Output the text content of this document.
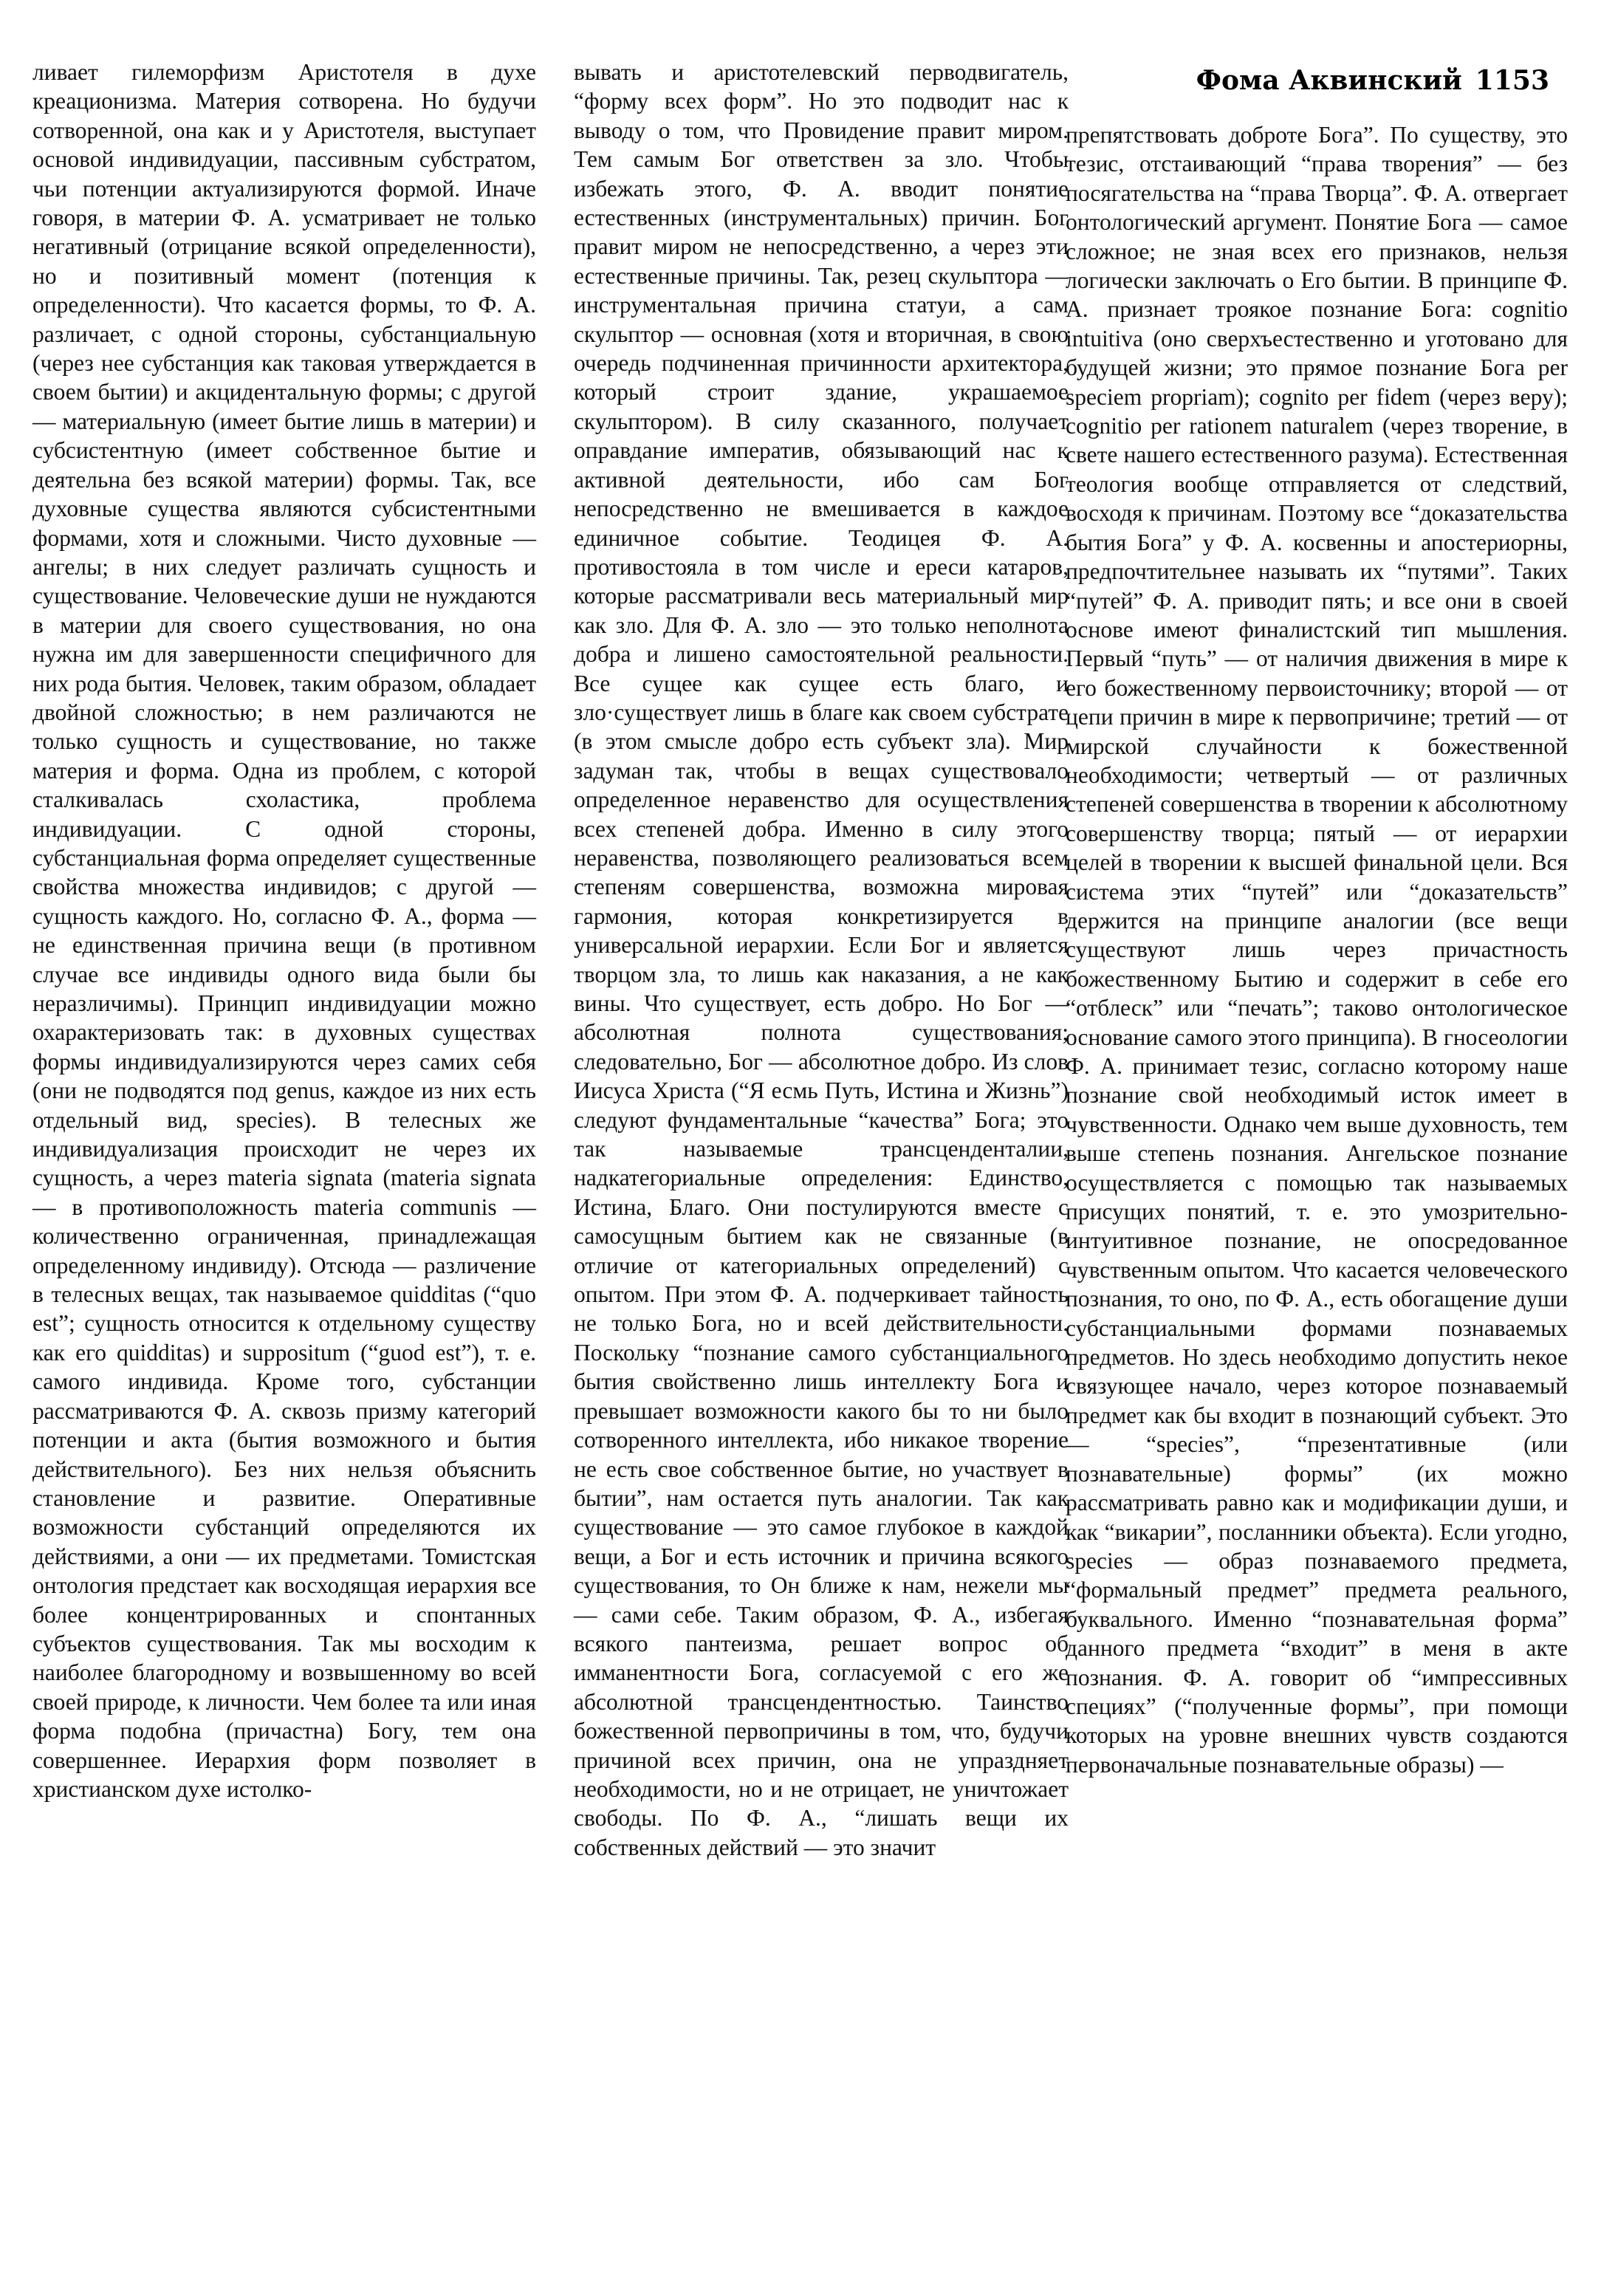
Фома Аквинский 1153

ливает гилеморфизм Аристотеля в духе креационизма. Материя сотворена. Но будучи сотворенной, она как и у Аристотеля, выступает основой индивидуации, пассивным субстратом, чьи потенции актуализируются формой. Иначе говоря, в материи Ф. А. усматривает не только негативный (отрицание всякой определенности), но и позитивный момент (потенция к определенности). Что касается формы, то Ф. А. различает, с одной стороны, субстанциальную (через нее субстанция как таковая утверждается в своем бытии) и акцидентальную формы; с другой — материальную (имеет бытие лишь в материи) и субсистентную (имеет собственное бытие и деятельна без всякой материи) формы. Так, все духовные существа являются субсистентными формами, хотя и сложными. Чисто духовные — ангелы; в них следует различать сущность и существование. Человеческие души не нуждаются в материи для своего существования, но она нужна им для завершенности специфичного для них рода бытия. Человек, таким образом, обладает двойной сложностью; в нем различаются не только сущность и существование, но также материя и форма. Одна из проблем, с которой сталкивалась схоластика, проблема индивидуации. С одной стороны, субстанциальная форма определяет существенные свойства множества индивидов; с другой — сущность каждого. Но, согласно Ф. А., форма — не единственная причина вещи (в противном случае все индивиды одного вида были бы неразличимы). Принцип индивидуации можно охарактеризовать так: в духовных существах формы индивидуализируются через самих себя (они не подводятся под genus, каждое из них есть отдельный вид, species). В телесных же индивидуализация происходит не через их сущность, а через materia signata (materia signata — в противоположность materia communis — количественно ограниченная, принадлежащая определенному индивиду). Отсюда — различение в телесных вещах, так называемое quidditas (“quo est”; сущность относится к отдельному существу как его quidditas) и suppositum (“guod est”), т. е. самого индивида. Кроме того, субстанции рассматриваются Ф. А. сквозь призму категорий потенции и акта (бытия возможного и бытия действительного). Без них нельзя объяснить становление и развитие. Оперативные возможности субстанций определяются их действиями, а они — их предметами. Томистская онтология предстает как восходящая иерархия все более концентрированных и спонтанных субъектов существования. Так мы восходим к наиболее благородному и возвышенному во всей своей природе, к личности. Чем более та или иная форма подобна (причастна) Богу, тем она совершеннее. Иерархия форм позволяет в христианском духе истолко-

вывать и аристотелевский перводвигатель, “форму всех форм”. Но это подводит нас к выводу о том, что Провидение правит миром. Тем самым Бог ответствен за зло. Чтобы избежать этого, Ф. А. вводит понятие естественных (инструментальных) причин. Бог правит миром не непосредственно, а через эти естественные причины. Так, резец скульптора — инструментальная причина статуи, а сам скульптор — основная (хотя и вторичная, в свою очередь подчиненная причинности архитектора, который строит здание, украшаемое скульптором). В силу сказанного, получает оправдание императив, обязывающий нас к активной деятельности, ибо сам Бог непосредственно не вмешивается в каждое единичное событие. Теодицея Ф. А. противостояла в том числе и ереси катаров, которые рассматривали весь материальный мир как зло. Для Ф. А. зло — это только неполнота добра и лишено самостоятельной реальности. Все сущее как сущее есть благо, и зло·существует лишь в благе как своем субстрате (в этом смысле добро есть субъект зла). Мир задуман так, чтобы в вещах существовало определенное неравенство для осуществления всех степеней добра. Именно в силу этого неравенства, позволяющего реализоваться всем степеням совершенства, возможна мировая гармония, которая конкретизируется в универсальной иерархии. Если Бог и является творцом зла, то лишь как наказания, а не как вины. Что существует, есть добро. Но Бог — абсолютная полнота существования; следовательно, Бог — абсолютное добро. Из слов Иисуса Христа (“Я есмь Путь, Истина и Жизнь”) следуют фундаментальные “качества” Бога; это так называемые трансценденталии, надкатегориальные определения: Единство, Истина, Благо. Они постулируются вместе с самосущным бытием как не связанные (в отличие от категориальных определений) с опытом. При этом Ф. А. подчеркивает тайность не только Бога, но и всей действительности. Поскольку “познание самого субстанциального бытия свойственно лишь интеллекту Бога и превышает возможности какого бы то ни было сотворенного интеллекта, ибо никакое творение не есть свое собственное бытие, но участвует в бытии”, нам остается путь аналогии. Так как существование — это самое глубокое в каждой вещи, а Бог и есть источник и причина всякого существования, то Он ближе к нам, нежели мы — сами себе. Таким образом, Ф. А., избегая всякого пантеизма, решает вопрос об имманентности Бога, согласуемой с его же абсолютной трансцендентностью. Таинство божественной первопричины в том, что, будучи причиной всех причин, она не упраздняет необходимости, но и не отрицает, не уничтожает свободы. По Ф. А., “лишать вещи их собственных действий — это значит

препятствовать доброте Бога”. По существу, это тезис, отстаивающий “права творения” — без посягательства на “права Творца”. Ф. А. отвергает онтологический аргумент. Понятие Бога — самое сложное; не зная всех его признаков, нельзя логически заключать о Его бытии. В принципе Ф. А. признает троякое познание Бога: cognitio intuitiva (оно сверхъестественно и уготовано для будущей жизни; это прямое познание Бога per speciem propriam); cognito per fidem (через веру); cognitio per rationem naturalem (через творение, в свете нашего естественного разума). Естественная теология вообще отправляется от следствий, восходя к причинам. Поэтому все “доказательства бытия Бога” у Ф. А. косвенны и апостериорны, предпочтительнее называть их “путями”. Таких “путей” Ф. А. приводит пять; и все они в своей основе имеют финалистский тип мышления. Первый “путь” — от наличия движения в мире к его божественному первоисточнику; второй — от цепи причин в мире к первопричине; третий — от мирской случайности к божественной необходимости; четвертый — от различных степеней совершенства в творении к абсолютному совершенству творца; пятый — от иерархии целей в творении к высшей финальной цели. Вся система этих “путей” или “доказательств” держится на принципе аналогии (все вещи существуют лишь через причастность божественному Бытию и содержит в себе его “отблеск” или “печать”; таково онтологическое основание самого этого принципа). В гносеологии Ф. А. принимает тезис, согласно которому наше познание свой необходимый исток имеет в чувственности. Однако чем выше духовность, тем выше степень познания. Ангельское познание осуществляется с помощью так называемых присущих понятий, т. е. это умозрительно-интуитивное познание, не опосредованное чувственным опытом. Что касается человеческого познания, то оно, по Ф. А., есть обогащение души субстанциальными формами познаваемых предметов. Но здесь необходимо допустить некое связующее начало, через которое познаваемый предмет как бы входит в познающий субъект. Это — “species”, “презентативные (или познавательные) формы” (их можно рассматривать равно как и модификации души, и как “викарии”, посланники объекта). Если угодно, species — образ познаваемого предмета, “формальный предмет” предмета реального, буквального. Именно “познавательная форма” данного предмета “входит” в меня в акте познания. Ф. А. говорит об “импрессивных специях” (“полученные формы”, при помощи которых на уровне внешних чувств создаются первоначальные познавательные образы) —
